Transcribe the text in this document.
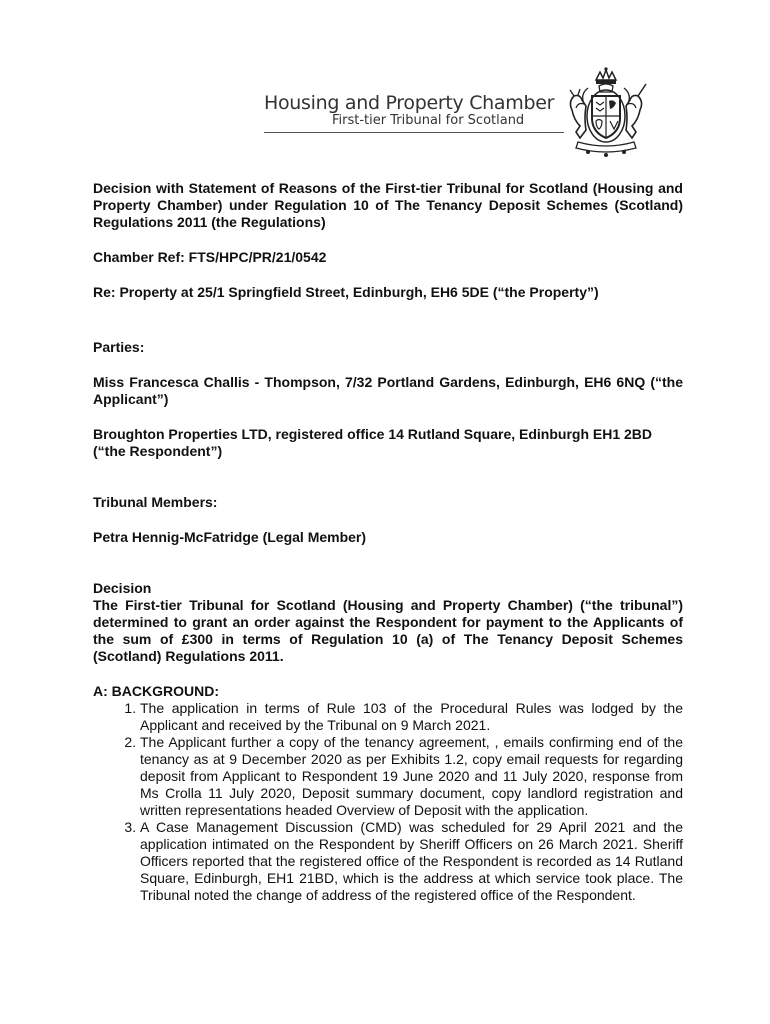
Housing and Property Chamber
First-tier Tribunal for Scotland

Decision with Statement of Reasons of the First-tier Tribunal for Scotland (Housing and Property Chamber) under Regulation 10 of The Tenancy Deposit Schemes (Scotland) Regulations 2011 (the Regulations)

Chamber Ref: FTS/HPC/PR/21/0542

Re: Property at 25/1 Springfield Street, Edinburgh, EH6 5DE (“the Property”)

Parties:

Miss Francesca Challis - Thompson, 7/32 Portland Gardens, Edinburgh, EH6 6NQ (“the Applicant”)

Broughton Properties LTD, registered office 14 Rutland Square, Edinburgh EH1 2BD (“the Respondent”)

Tribunal Members:

Petra Hennig-McFatridge (Legal Member)

Decision

The First-tier Tribunal for Scotland (Housing and Property Chamber) (“the tribunal”) determined to grant an order against the Respondent for payment to the Applicants of the sum of £300 in terms of Regulation 10 (a) of The Tenancy Deposit Schemes (Scotland) Regulations 2011.

A: BACKGROUND:

1. The application in terms of Rule 103 of the Procedural Rules was lodged by the Applicant and received by the Tribunal on 9 March 2021.
2. The Applicant further a copy of the tenancy agreement, , emails confirming end of the tenancy as at 9 December 2020 as per Exhibits 1.2, copy email requests for regarding deposit from Applicant to Respondent 19 June 2020 and 11 July 2020, response from Ms Crolla 11 July 2020, Deposit summary document, copy landlord registration and written representations headed Overview of Deposit with the application.
3. A Case Management Discussion (CMD) was scheduled for 29 April 2021 and the application intimated on the Respondent by Sheriff Officers on 26 March 2021. Sheriff Officers reported that the registered office of the Respondent is recorded as 14 Rutland Square, Edinburgh, EH1 21BD, which is the address at which service took place. The Tribunal noted the change of address of the registered office of the Respondent.
